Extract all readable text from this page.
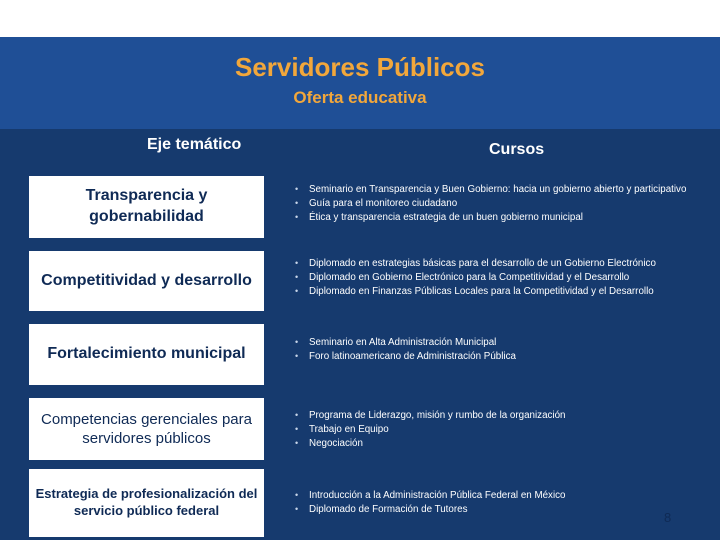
Servidores Públicos
Oferta educativa
Eje temático	Cursos
Transparencia y gobernabilidad
• Seminario en Transparencia y Buen Gobierno: hacia un gobierno abierto y participativo
• Guía para el monitoreo ciudadano
• Ética y transparencia estrategia de un buen gobierno municipal
Competitividad y desarrollo
• Diplomado en estrategias básicas para el desarrollo de un Gobierno Electrónico
• Diplomado en Gobierno Electrónico para la Competitividad y el Desarrollo
• Diplomado en Finanzas Públicas Locales para la Competitividad y el Desarrollo
Fortalecimiento municipal
• Seminario en Alta Administración Municipal
• Foro latinoamericano de Administración Pública
Competencias gerenciales para servidores públicos
• Programa de Liderazgo, misión y rumbo de la organización
• Trabajo en Equipo
• Negociación
Estrategia de profesionalización del servicio público federal
• Introducción a la Administración Pública Federal en México
• Diplomado de Formación de Tutores
8
